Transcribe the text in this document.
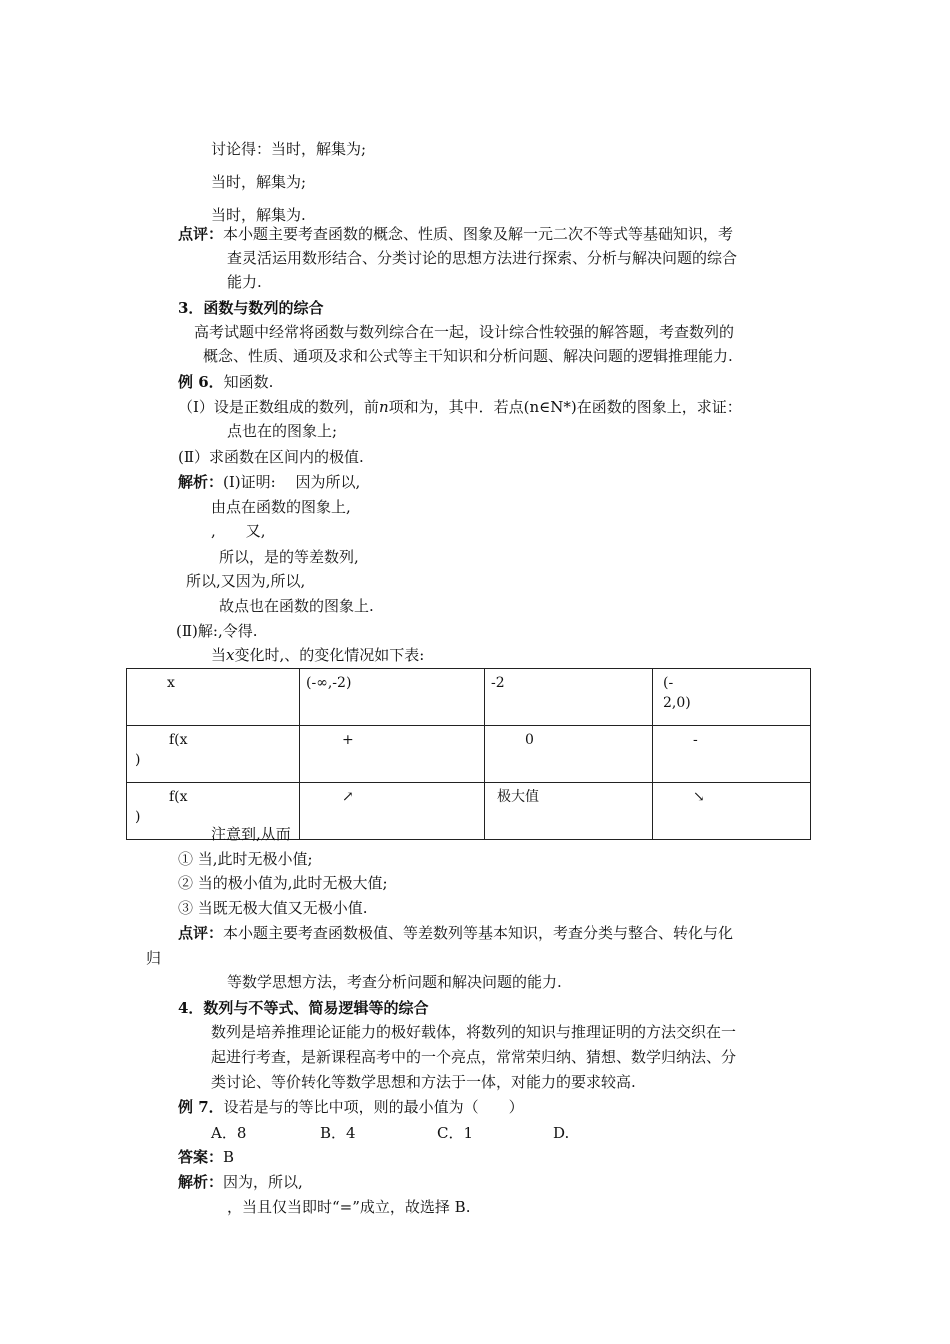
讨论得：当时，解集为;
当时，解集为;
当时，解集为.
点评：本小题主要考查函数的概念、性质、图象及解一元二次不等式等基础知识，考
查灵活运用数形结合、分类讨论的思想方法进行探索、分析与解决问题的综合
能力.
3．函数与数列的综合
高考试题中经常将函数与数列综合在一起，设计综合性较强的解答题，考查数列的
概念、性质、通项及求和公式等主干知识和分析问题、解决问题的逻辑推理能力.
例 6．知函数.
（Ⅰ）设是正数组成的数列，前n项和为，其中．若点(n∈N*)在函数的图象上，求证：
点也在的图象上;
(Ⅱ）求函数在区间内的极值.
解析：(Ⅰ)证明:　 因为所以,
由点在函数的图象上,
,　　又,
所以，是的等差数列,
所以,又因为,所以,
故点也在函数的图象上.
(Ⅱ)解:,令得.
当x变化时,、的变化情况如下表:
x	(-∞,-2)	-2	(-
2,0)

f(x
)	+	0	-

f(x
)	↗	极大值	↘
注意到,从而
① 当,此时无极小值;
② 当的极小值为,此时无极大值;
③ 当既无极大值又无极小值.
点评：本小题主要考查函数极值、等差数列等基本知识，考查分类与整合、转化与化
归
等数学思想方法，考查分析问题和解决问题的能力.
4．数列与不等式、简易逻辑等的综合
数列是培养推理论证能力的极好载体，将数列的知识与推理证明的方法交织在一
起进行考查，是新课程高考中的一个亮点，常常荣归纳、猜想、数学归纳法、分
类讨论、等价转化等数学思想和方法于一体，对能力的要求较高.
例 7．设若是与的等比中项，则的最小值为（　　）
A．8	B．4	C．1	D.
答案：B
解析：因为，所以,
，当且仅当即时“=”成立，故选择 B.
